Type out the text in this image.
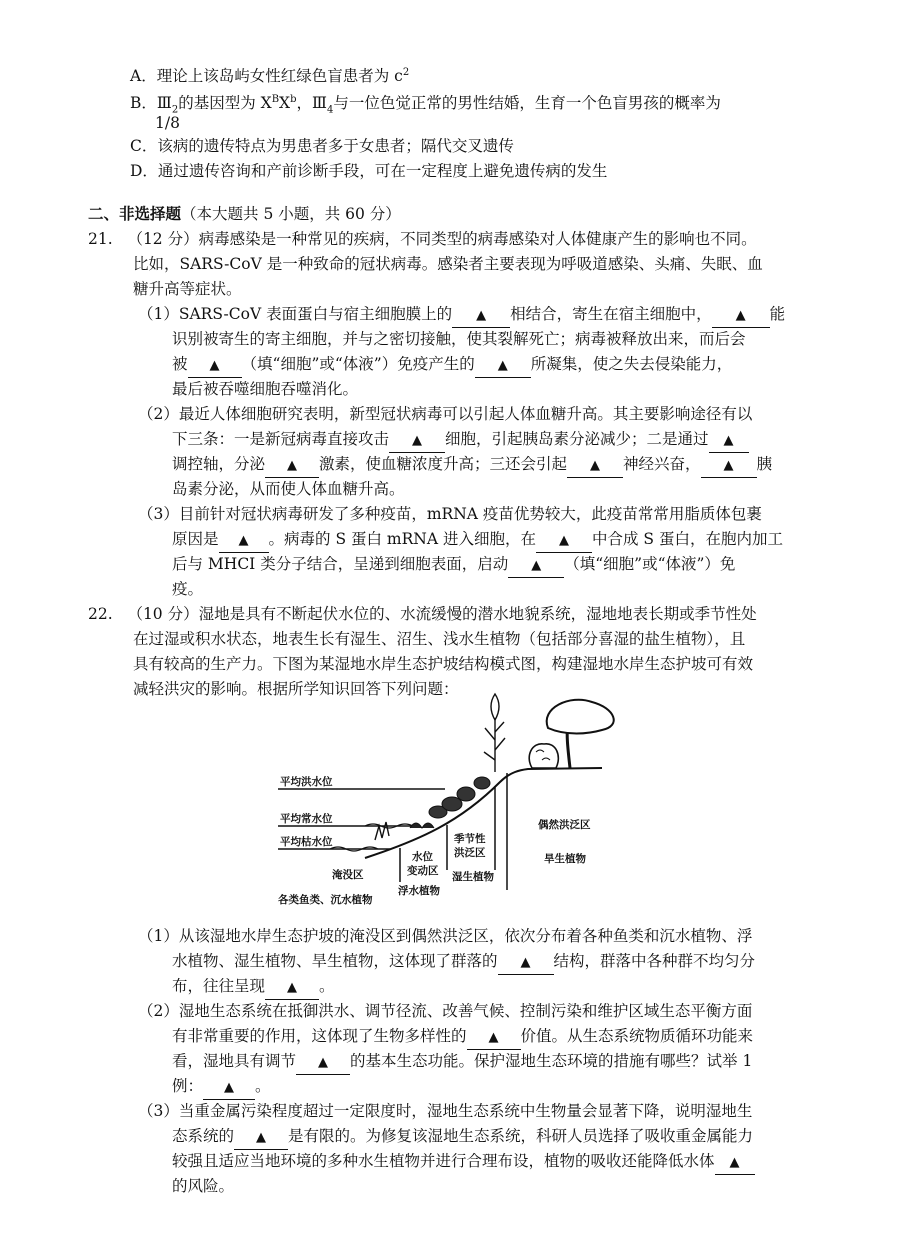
A．理论上该岛屿女性红绿色盲患者为 $c^2$
B．$Ⅲ_2$的基因型为 $X^BX^b$，$Ⅲ_4$与一位色觉正常的男性结婚，生育一个色盲男孩的概率为
1/8
C．该病的遗传特点为男患者多于女患者；隔代交叉遗传
D．通过遗传咨询和产前诊断手段，可在一定程度上避免遗传病的发生
二、非选择题（本大题共 5 小题，共 60 分）
21. （12 分）病毒感染是一种常见的疾病，不同类型的病毒感染对人体健康产生的影响也不同。
比如，SARS-CoV 是一种致命的冠状病毒。感染者主要表现为呼吸道感染、头痛、失眠、血
糖升高等症状。
（1）SARS-CoV 表面蛋白与宿主细胞膜上的 ▲ 相结合，寄生在宿主细胞中， ▲ 能
识别被寄生的寄主细胞，并与之密切接触，使其裂解死亡；病毒被释放出来，而后会
被 ▲ （填“细胞”或“体液”）免疫产生的 ▲ 所凝集，使之失去侵染能力，
最后被吞噬细胞吞噬消化。
（2）最近人体细胞研究表明，新型冠状病毒可以引起人体血糖升高。其主要影响途径有以
下三条：一是新冠病毒直接攻击 ▲ 细胞，引起胰岛素分泌减少；二是通过 ▲
调控轴，分泌 ▲ 激素，使血糖浓度升高；三还会引起 ▲ 神经兴奋， ▲ 胰
岛素分泌，从而使人体血糖升高。
（3）目前针对冠状病毒研发了多种疫苗，mRNA 疫苗优势较大，此疫苗常常用脂质体包裹
原因是 ▲ 。病毒的 S 蛋白 mRNA 进入细胞，在 ▲ 中合成 S 蛋白，在胞内加工
后与 MHCI 类分子结合，呈递到细胞表面，启动 ▲ （填“细胞”或“体液”）免
疫。
22. （10 分）湿地是具有不断起伏水位的、水流缓慢的潜水地貌系统，湿地地表长期或季节性处
在过湿或积水状态，地表生长有湿生、沼生、浅水生植物（包括部分喜湿的盐生植物），且
具有较高的生产力。下图为某湿地水岸生态护坡结构模式图，构建湿地水岸生态护坡可有效
减轻洪灾的影响。根据所学知识回答下列问题：
平均洪水位
平均常水位
平均枯水位
淹没区
水位
变动区
季节性
洪泛区
偶然洪泛区
各类鱼类、沉水植物
浮水植物
湿生植物
旱生植物
（1）从该湿地水岸生态护坡的淹没区到偶然洪泛区，依次分布着各种鱼类和沉水植物、浮
水植物、湿生植物、旱生植物，这体现了群落的 ▲ 结构，群落中各种群不均匀分
布，往往呈现 ▲ 。
（2）湿地生态系统在抵御洪水、调节径流、改善气候、控制污染和维护区域生态平衡方面
有非常重要的作用，这体现了生物多样性的 ▲ 价值。从生态系统物质循环功能来
看，湿地具有调节 ▲ 的基本生态功能。保护湿地生态环境的措施有哪些？试举 1
例： ▲ 。
（3）当重金属污染程度超过一定限度时，湿地生态系统中生物量会显著下降，说明湿地生
态系统的 ▲ 是有限的。为修复该湿地生态系统，科研人员选择了吸收重金属能力
较强且适应当地环境的多种水生植物并进行合理布设，植物的吸收还能降低水体 ▲
的风险。
